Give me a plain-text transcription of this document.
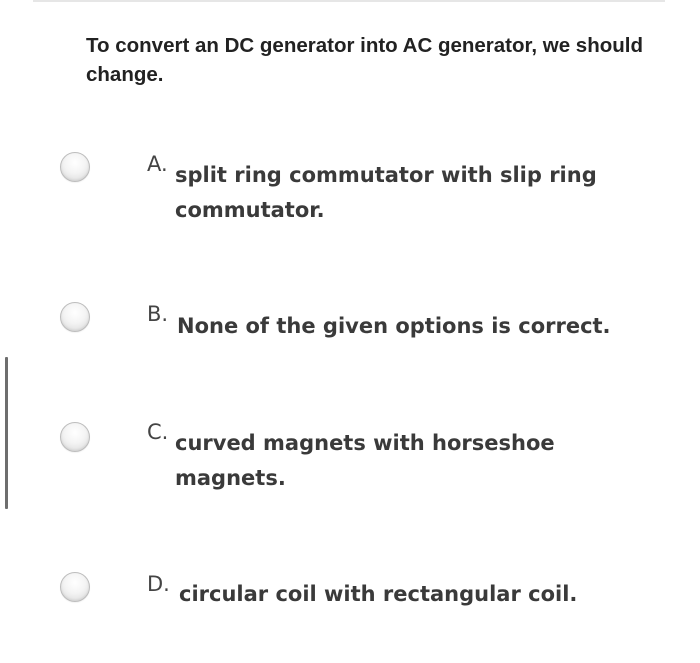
To convert an DC generator into AC generator, we should change.

A. split ring commutator with slip ring commutator.
B. None of the given options is correct.
C. curved magnets with horseshoe magnets.
D. circular coil with rectangular coil.
